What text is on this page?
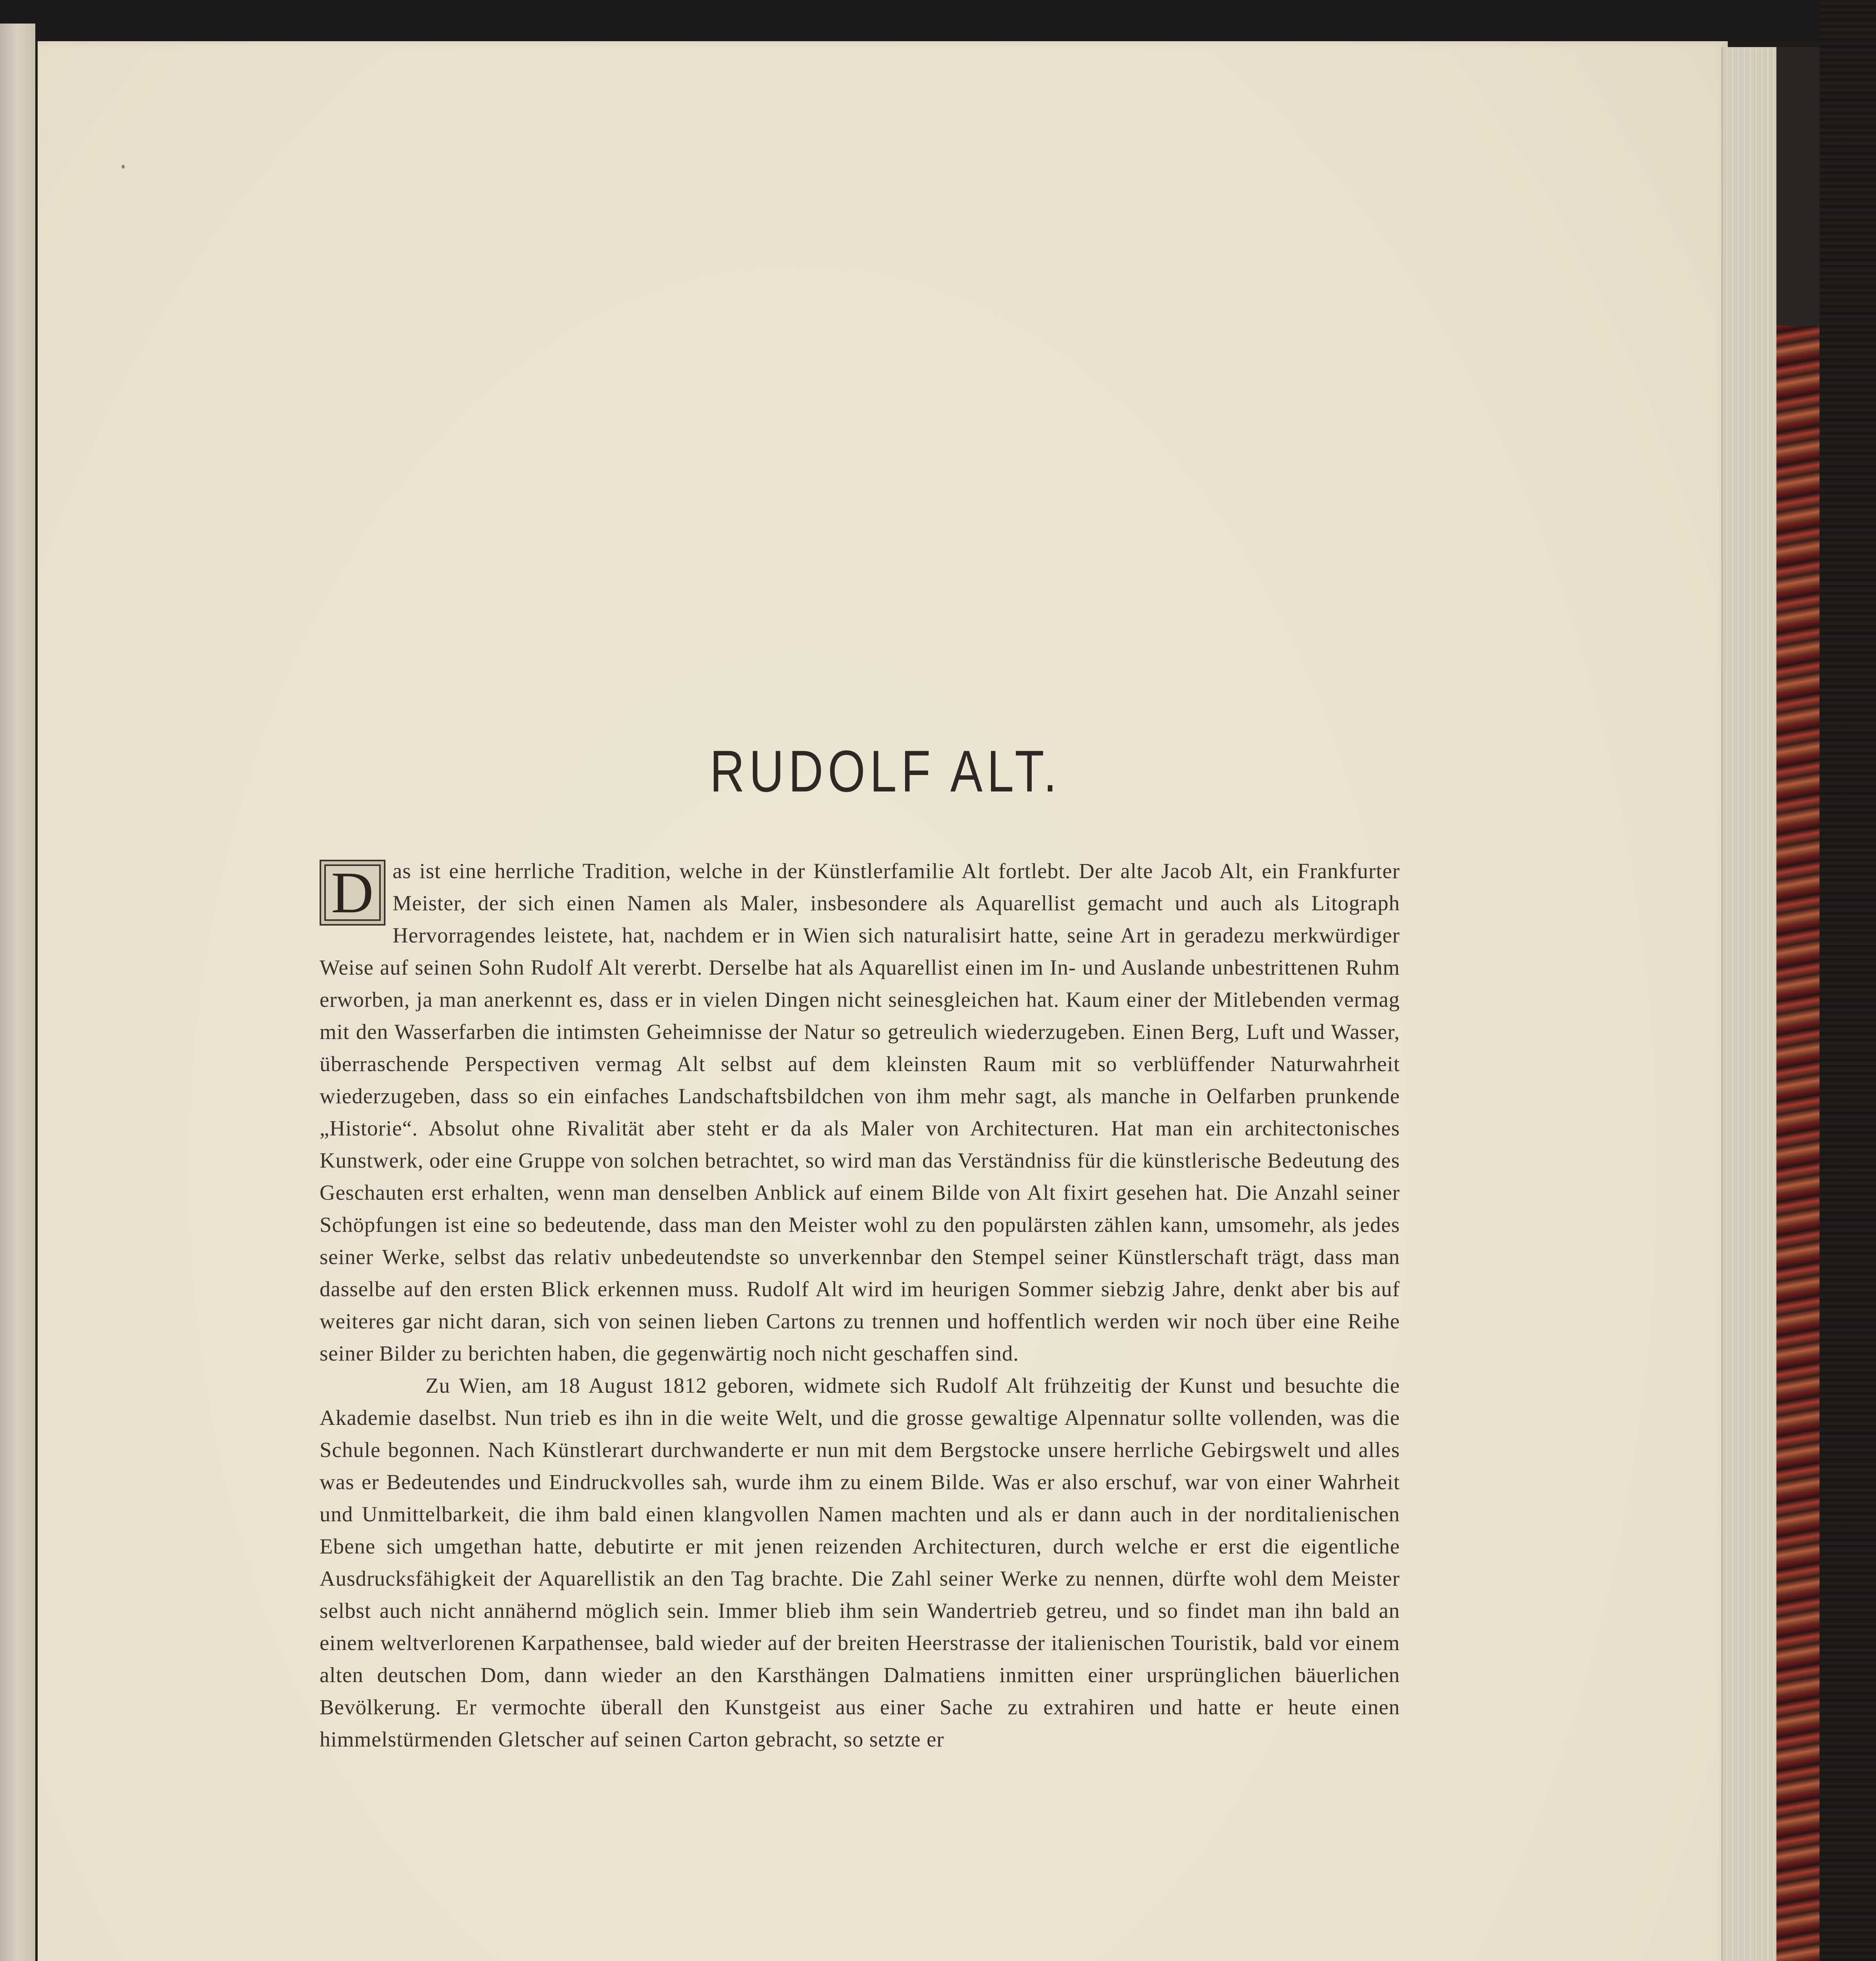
RUDOLF ALT.

D as ist eine herrliche Tradition, welche in der Künstlerfamilie Alt fortlebt. Der alte Jacob Alt, ein Frankfurter Meister, der sich einen Namen als Maler, insbesondere als Aquarellist gemacht und auch als Litograph Hervorragendes leistete, hat, nachdem er in Wien sich naturalisirt hatte, seine Art in geradezu merkwürdiger Weise auf seinen Sohn Rudolf Alt vererbt. Derselbe hat als Aquarellist einen im In- und Auslande unbestrittenen Ruhm erworben, ja man anerkennt es, dass er in vielen Dingen nicht seinesgleichen hat. Kaum einer der Mitlebenden vermag mit den Wasserfarben die intimsten Geheimnisse der Natur so getreulich wiederzugeben. Einen Berg, Luft und Wasser, überraschende Perspectiven vermag Alt selbst auf dem kleinsten Raum mit so verblüffender Naturwahrheit wiederzugeben, dass so ein einfaches Landschaftsbildchen von ihm mehr sagt, als manche in Oelfarben prunkende „Historie“. Absolut ohne Rivalität aber steht er da als Maler von Architecturen. Hat man ein architectonisches Kunstwerk, oder eine Gruppe von solchen betrachtet, so wird man das Verständniss für die künstlerische Bedeutung des Geschauten erst erhalten, wenn man denselben Anblick auf einem Bilde von Alt fixirt gesehen hat. Die Anzahl seiner Schöpfungen ist eine so bedeutende, dass man den Meister wohl zu den populärsten zählen kann, umsomehr, als jedes seiner Werke, selbst das relativ unbedeutendste so unverkennbar den Stempel seiner Künstlerschaft trägt, dass man dasselbe auf den ersten Blick erkennen muss. Rudolf Alt wird im heurigen Sommer siebzig Jahre, denkt aber bis auf weiteres gar nicht daran, sich von seinen lieben Cartons zu trennen und hoffentlich werden wir noch über eine Reihe seiner Bilder zu berichten haben, die gegenwärtig noch nicht geschaffen sind.

Zu Wien, am 18 August 1812 geboren, widmete sich Rudolf Alt frühzeitig der Kunst und besuchte die Akademie daselbst. Nun trieb es ihn in die weite Welt, und die grosse gewaltige Alpennatur sollte vollenden, was die Schule begonnen. Nach Künstlerart durchwanderte er nun mit dem Bergstocke unsere herrliche Gebirgswelt und alles was er Bedeutendes und Eindruckvolles sah, wurde ihm zu einem Bilde. Was er also erschuf, war von einer Wahrheit und Unmittelbarkeit, die ihm bald einen klangvollen Namen machten und als er dann auch in der norditalienischen Ebene sich umgethan hatte, debutirte er mit jenen reizenden Architecturen, durch welche er erst die eigentliche Ausdrucksfähigkeit der Aquarellistik an den Tag brachte. Die Zahl seiner Werke zu nennen, dürfte wohl dem Meister selbst auch nicht annähernd möglich sein. Immer blieb ihm sein Wandertrieb getreu, und so findet man ihn bald an einem weltverlorenen Karpathensee, bald wieder auf der breiten Heerstrasse der italienischen Touristik, bald vor einem alten deutschen Dom, dann wieder an den Karsthängen Dalmatiens inmitten einer ursprünglichen bäuerlichen Bevölkerung. Er vermochte überall den Kunstgeist aus einer Sache zu extrahiren und hatte er heute einen himmelstürmenden Gletscher auf seinen Carton gebracht, so setzte er
